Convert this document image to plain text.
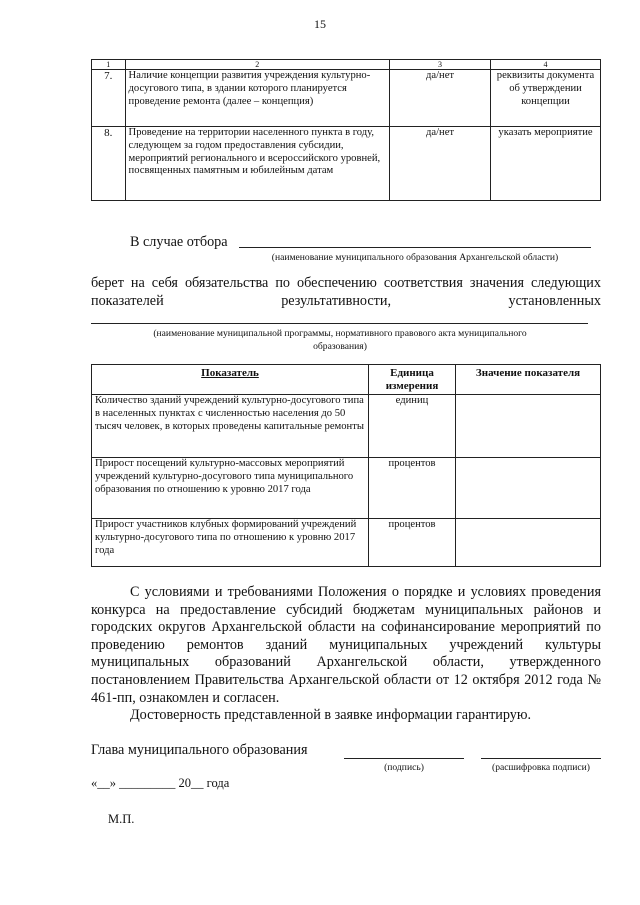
15
1	2	3	4
7.	Наличие концепции развития учреждения культурно-досугового типа, в здании которого планируется проведение ремонта (далее – концепция)	да/нет	реквизиты документа об утверждении концепции
8.	Проведение на территории населенного пункта в году, следующем за годом предоставления субсидии, мероприятий регионального и всероссийского уровней, посвященных памятным и юбилейным датам	да/нет	указать мероприятие
В случае отбора
(наименование муниципального образования Архангельской области)
берет на себя обязательства по обеспечению соответствия значения следующих показателей результативности, установленных
(наименование муниципальной программы, нормативного правового акта муниципального образования)
Показатель	Единица измерения	Значение показателя
Количество зданий учреждений культурно-досугового типа в населенных пунктах с численностью населения до 50 тысяч человек, в которых проведены капитальные ремонты	единиц	
Прирост посещений культурно-массовых мероприятий учреждений культурно-досугового типа муниципального образования по отношению к уровню 2017 года	процентов	
Прирост участников клубных формирований учреждений культурно-досугового типа по отношению к уровню 2017 года	процентов	
С условиями и требованиями Положения о порядке и условиях проведения конкурса на предоставление субсидий бюджетам муниципальных районов и городских округов Архангельской области на софинансирование мероприятий по проведению ремонтов зданий муниципальных учреждений культуры муниципальных образований Архангельской области, утвержденного постановлением Правительства Архангельской области от 12 октября 2012 года № 461-пп, ознакомлен и согласен.
Достоверность представленной в заявке информации гарантирую.
Глава муниципального образования
(подпись)	(расшифровка подписи)
«__» _________ 20__ года
М.П.
